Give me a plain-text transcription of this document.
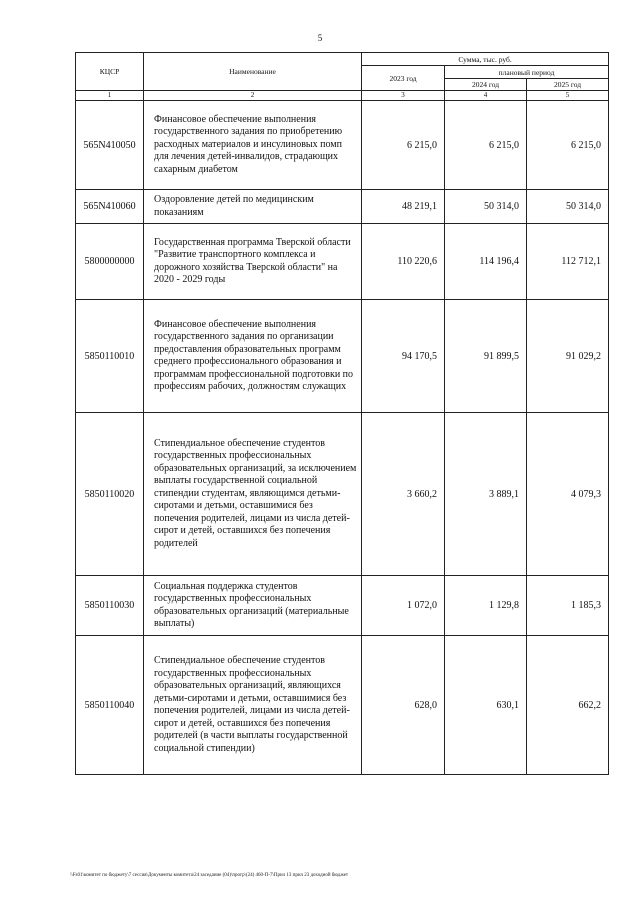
5
КЦСР	Наименование	Сумма, тыс. руб.		
		2023 год	плановый период	
			2024 год	2025 год
1	2	3	4	5
565N410050	Финансовое обеспечение выполнения государственного задания по приобретению расходных материалов и инсулиновых помп для лечения детей-инвалидов, страдающих сахарным диабетом	6 215,0	6 215,0	6 215,0
565N410060	Оздоровление детей по медицинским показаниям	48 219,1	50 314,0	50 314,0
5800000000	Государственная программа Тверской области "Развитие транспортного комплекса и дорожного хозяйства Тверской области" на 2020 - 2029 годы	110 220,6	114 196,4	112 712,1
5850110010	Финансовое обеспечение выполнения государственного задания по организации предоставления образовательных программ среднего профессионального образования и программам профессиональной подготовки по профессиям рабочих, должностям служащих	94 170,5	91 899,5	91 029,2
5850110020	Стипендиальное обеспечение студентов государственных профессиональных образовательных организаций, за исключением выплаты государственной социальной стипендии студентам, являющимся детьми-сиротами и детьми, оставшимися без попечения родителей, лицами из числа детей-сирот и детей, оставшихся без попечения родителей	3 660,2	3 889,1	4 079,3
5850110030	Социальная поддержка студентов государственных профессиональных образовательных организаций (материальные выплаты)	1 072,0	1 129,8	1 185,3
5850110040	Стипендиальное обеспечение студентов государственных профессиональных образовательных организаций, являющихся детьми-сиротами и детьми, оставшимися без попечения родителей, лицами из числа детей-сирот и детей, оставшихся без попечения родителей (в части выплаты государственной социальной стипендии)	628,0	630,1	662,2
\\Fs01\комитет по бюджету\7 сессия\Документы комитета\24 заседание (04)\прогр\(24) 460-П-7\Прил 13 прил 23 доходной бюджет
